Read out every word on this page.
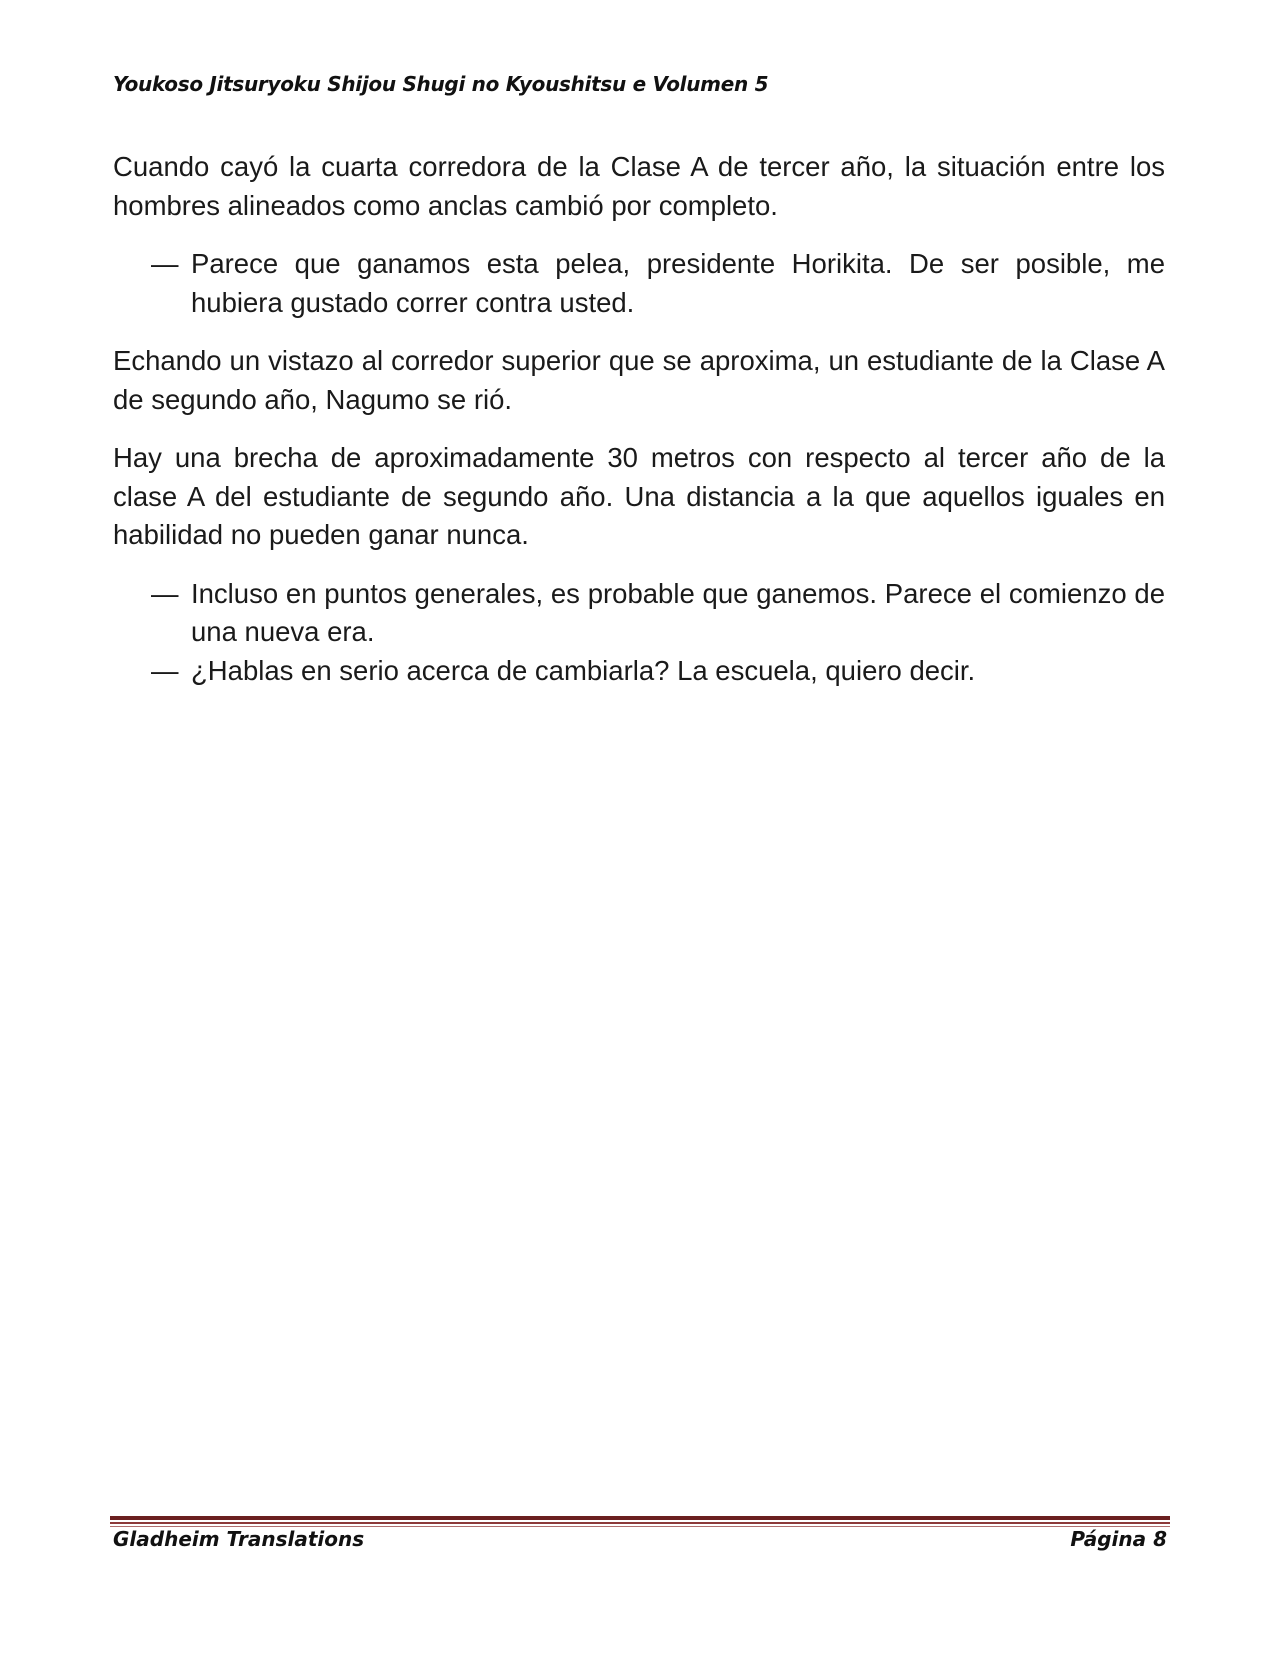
Youkoso Jitsuryoku Shijou Shugi no Kyoushitsu e Volumen 5

Cuando cayó la cuarta corredora de la Clase A de tercer año, la situación entre los hombres alineados como anclas cambió por completo.

— Parece que ganamos esta pelea, presidente Horikita. De ser posible, me hubiera gustado correr contra usted.

Echando un vistazo al corredor superior que se aproxima, un estudiante de la Clase A de segundo año, Nagumo se rió.

Hay una brecha de aproximadamente 30 metros con respecto al tercer año de la clase A del estudiante de segundo año. Una distancia a la que aquellos iguales en habilidad no pueden ganar nunca.

— Incluso en puntos generales, es probable que ganemos. Parece el comienzo de una nueva era.
— ¿Hablas en serio acerca de cambiarla? La escuela, quiero decir.
Gladheim Translations	Página 8
